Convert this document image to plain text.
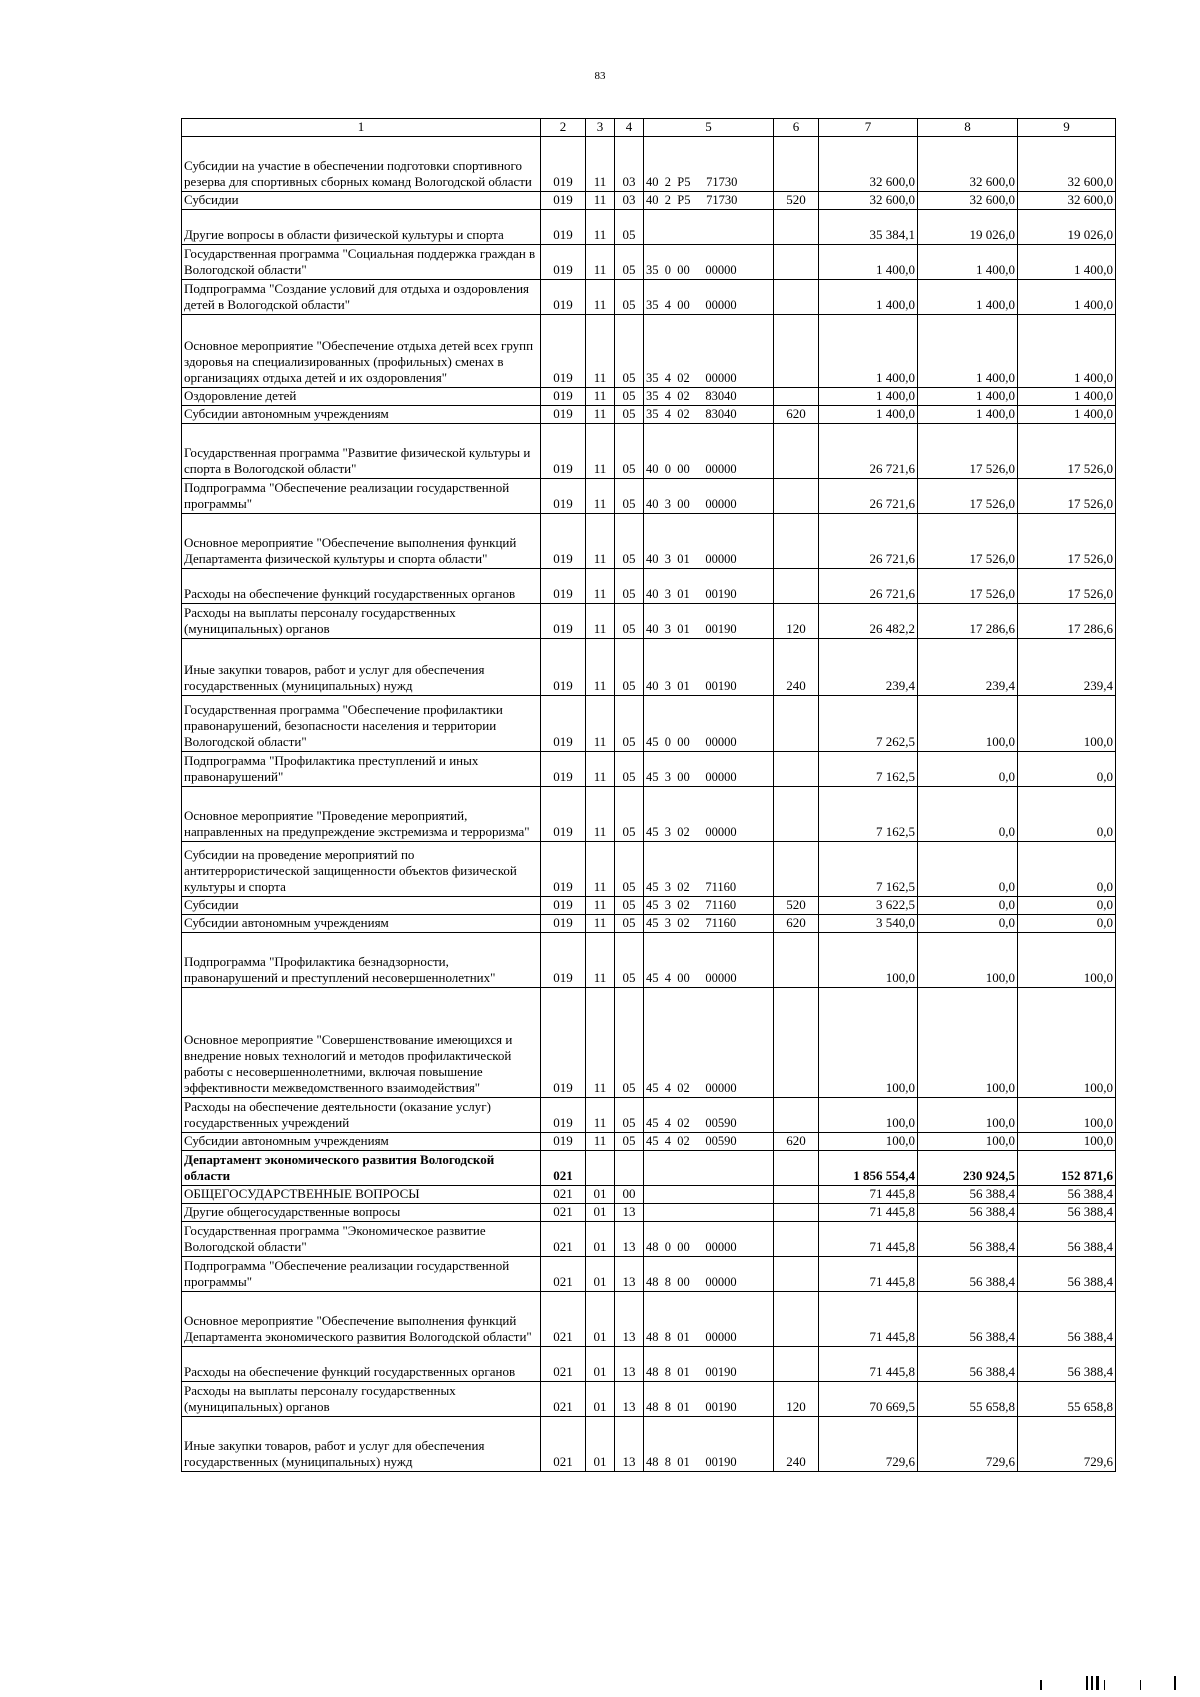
83
1	2	3	4	5	6	7	8	9
Субсидии на участие в обеспечении подготовки спортивного резерва для спортивных сборных команд Вологодской области	019	11	03	40  2  P5     71730		32 600,0	32 600,0	32 600,0
Субсидии	019	11	03	40  2  P5     71730	520	32 600,0	32 600,0	32 600,0
Другие вопросы в области физической культуры и спорта	019	11	05			35 384,1	19 026,0	19 026,0
Государственная программа "Социальная поддержка граждан в Вологодской области"	019	11	05	35  0  00     00000		1 400,0	1 400,0	1 400,0
Подпрограмма "Создание условий для отдыха и оздоровления детей в Вологодской области"	019	11	05	35  4  00     00000		1 400,0	1 400,0	1 400,0
Основное мероприятие "Обеспечение отдыха детей всех групп здоровья на специализированных (профильных) сменах в организациях отдыха детей и их оздоровления"	019	11	05	35  4  02     00000		1 400,0	1 400,0	1 400,0
Оздоровление детей	019	11	05	35  4  02     83040		1 400,0	1 400,0	1 400,0
Субсидии автономным учреждениям	019	11	05	35  4  02     83040	620	1 400,0	1 400,0	1 400,0
Государственная программа "Развитие физической культуры и спорта в Вологодской области"	019	11	05	40  0  00     00000		26 721,6	17 526,0	17 526,0
Подпрограмма "Обеспечение реализации государственной программы"	019	11	05	40  3  00     00000		26 721,6	17 526,0	17 526,0
Основное мероприятие "Обеспечение выполнения функций Департамента физической культуры и спорта области"	019	11	05	40  3  01     00000		26 721,6	17 526,0	17 526,0
Расходы на обеспечение функций государственных органов	019	11	05	40  3  01     00190		26 721,6	17 526,0	17 526,0
Расходы на выплаты персоналу государственных (муниципальных) органов	019	11	05	40  3  01     00190	120	26 482,2	17 286,6	17 286,6
Иные закупки товаров, работ и услуг для обеспечения государственных (муниципальных) нужд	019	11	05	40  3  01     00190	240	239,4	239,4	239,4
Государственная программа "Обеспечение профилактики правонарушений, безопасности населения и территории Вологодской области"	019	11	05	45  0  00     00000		7 262,5	100,0	100,0
Подпрограмма "Профилактика преступлений и иных правонарушений"	019	11	05	45  3  00     00000		7 162,5	0,0	0,0
Основное мероприятие "Проведение мероприятий, направленных на предупреждение экстремизма и терроризма"	019	11	05	45  3  02     00000		7 162,5	0,0	0,0
Субсидии на проведение мероприятий по антитеррористической защищенности объектов физической культуры и спорта	019	11	05	45  3  02     71160		7 162,5	0,0	0,0
Субсидии	019	11	05	45  3  02     71160	520	3 622,5	0,0	0,0
Субсидии автономным учреждениям	019	11	05	45  3  02     71160	620	3 540,0	0,0	0,0
Подпрограмма "Профилактика безнадзорности, правонарушений и преступлений несовершеннолетних"	019	11	05	45  4  00     00000		100,0	100,0	100,0
Основное мероприятие "Совершенствование имеющихся и внедрение новых технологий и методов профилактической работы с несовершеннолетними, включая повышение эффективности межведомственного взаимодействия"	019	11	05	45  4  02     00000		100,0	100,0	100,0
Расходы на обеспечение деятельности (оказание услуг) государственных учреждений	019	11	05	45  4  02     00590		100,0	100,0	100,0
Субсидии автономным учреждениям	019	11	05	45  4  02     00590	620	100,0	100,0	100,0
Департамент экономического развития Вологодской области	021					1 856 554,4	230 924,5	152 871,6
ОБЩЕГОСУДАРСТВЕННЫЕ ВОПРОСЫ	021	01	00			71 445,8	56 388,4	56 388,4
Другие общегосударственные вопросы	021	01	13			71 445,8	56 388,4	56 388,4
Государственная программа "Экономическое развитие Вологодской области"	021	01	13	48  0  00     00000		71 445,8	56 388,4	56 388,4
Подпрограмма "Обеспечение реализации государственной программы"	021	01	13	48  8  00     00000		71 445,8	56 388,4	56 388,4
Основное мероприятие "Обеспечение выполнения функций Департамента экономического развития Вологодской области"	021	01	13	48  8  01     00000		71 445,8	56 388,4	56 388,4
Расходы на обеспечение функций государственных органов	021	01	13	48  8  01     00190		71 445,8	56 388,4	56 388,4
Расходы на выплаты персоналу государственных (муниципальных) органов	021	01	13	48  8  01     00190	120	70 669,5	55 658,8	55 658,8
Иные закупки товаров, работ и услуг для обеспечения государственных (муниципальных) нужд	021	01	13	48  8  01     00190	240	729,6	729,6	729,6
